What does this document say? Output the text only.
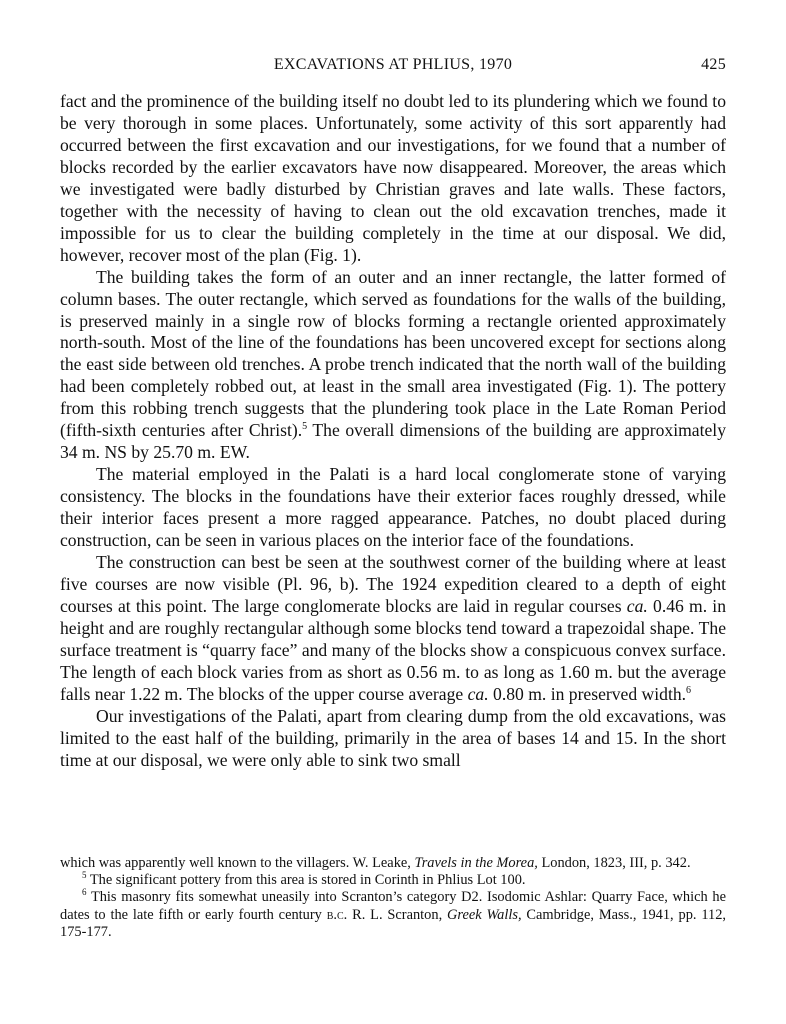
EXCAVATIONS AT PHLIUS, 1970	425

fact and the prominence of the building itself no doubt led to its plundering which we found to be very thorough in some places. Unfortunately, some activity of this sort apparently had occurred between the first excavation and our investigations, for we found that a number of blocks recorded by the earlier excavators have now disappeared. Moreover, the areas which we investigated were badly disturbed by Christian graves and late walls. These factors, together with the necessity of having to clean out the old excavation trenches, made it impossible for us to clear the building completely in the time at our disposal. We did, however, recover most of the plan (Fig. 1).

The building takes the form of an outer and an inner rectangle, the latter formed of column bases. The outer rectangle, which served as foundations for the walls of the building, is preserved mainly in a single row of blocks forming a rectangle oriented approximately north-south. Most of the line of the foundations has been uncovered except for sections along the east side between old trenches. A probe trench indicated that the north wall of the building had been completely robbed out, at least in the small area investigated (Fig. 1). The pottery from this robbing trench suggests that the plundering took place in the Late Roman Period (fifth-sixth centuries after Christ).$^5$ The overall dimensions of the building are approximately 34 m. NS by 25.70 m. EW.

The material employed in the Palati is a hard local conglomerate stone of varying consistency. The blocks in the foundations have their exterior faces roughly dressed, while their interior faces present a more ragged appearance. Patches, no doubt placed during construction, can be seen in various places on the interior face of the foundations.

The construction can best be seen at the southwest corner of the building where at least five courses are now visible (Pl. 96, b). The 1924 expedition cleared to a depth of eight courses at this point. The large conglomerate blocks are laid in regular courses ca. 0.46 m. in height and are roughly rectangular although some blocks tend toward a trapezoidal shape. The surface treatment is “quarry face” and many of the blocks show a conspicuous convex surface. The length of each block varies from as short as 0.56 m. to as long as 1.60 m. but the average falls near 1.22 m. The blocks of the upper course average ca. 0.80 m. in preserved width.$^6$

Our investigations of the Palati, apart from clearing dump from the old excavations, was limited to the east half of the building, primarily in the area of bases 14 and 15. In the short time at our disposal, we were only able to sink two small

which was apparently well known to the villagers. W. Leake, Travels in the Morea, London, 1823, III, p. 342.

$^5$ The significant pottery from this area is stored in Corinth in Phlius Lot 100.

$^6$ This masonry fits somewhat uneasily into Scranton’s category D2. Isodomic Ashlar: Quarry Face, which he dates to the late fifth or early fourth century b.c. R. L. Scranton, Greek Walls, Cambridge, Mass., 1941, pp. 112, 175-177.
